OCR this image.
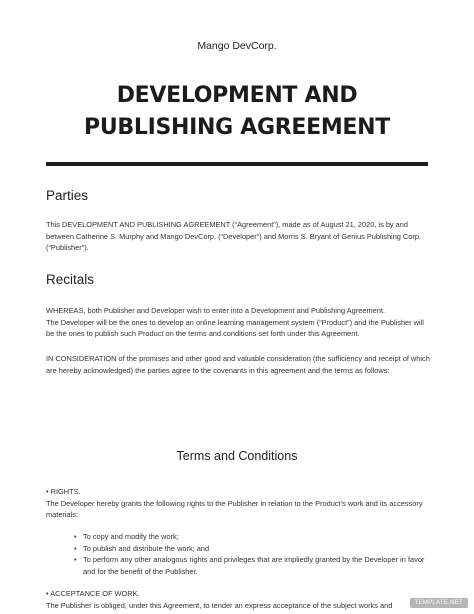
Mango DevCorp.
DEVELOPMENT AND
PUBLISHING AGREEMENT
Parties

This DEVELOPMENT AND PUBLISHING AGREEMENT (“Agreement”), made as of August 21, 2020, is by and between Catherine S. Murphy and Mango DevCorp. (“Developer”) and Morris S. Bryant of Genius Publishing Corp. (“Publisher”).

Recitals

WHEREAS, both Publisher and Developer wish to enter into a Development and Publishing Agreement.

The Developer will be the ones to develop an online learning management system (“Product”) and the Publisher will be the ones to publish such Product on the terms and conditions set forth under this Agreement.

IN CONSIDERATION of the promises and other good and valuable consideration (the sufficiency and receipt of which are hereby acknowledged) the parties agree to the covenants in this agreement and the terms as follows:

Terms and Conditions

• RIGHTS.

The Developer hereby grants the following rights to the Publisher in relation to the Product’s work and its accessory materials:

• To copy and modify the work;
• To publish and distribute the work; and
• To perform any other analogous rights and privileges that are impliedly granted by the Developer in favor and for the benefit of the Publisher.

• ACCEPTANCE OF WORK.

The Publisher is obliged, under this Agreement, to tender an express acceptance of the subject works and	TEMPLATE.NET
